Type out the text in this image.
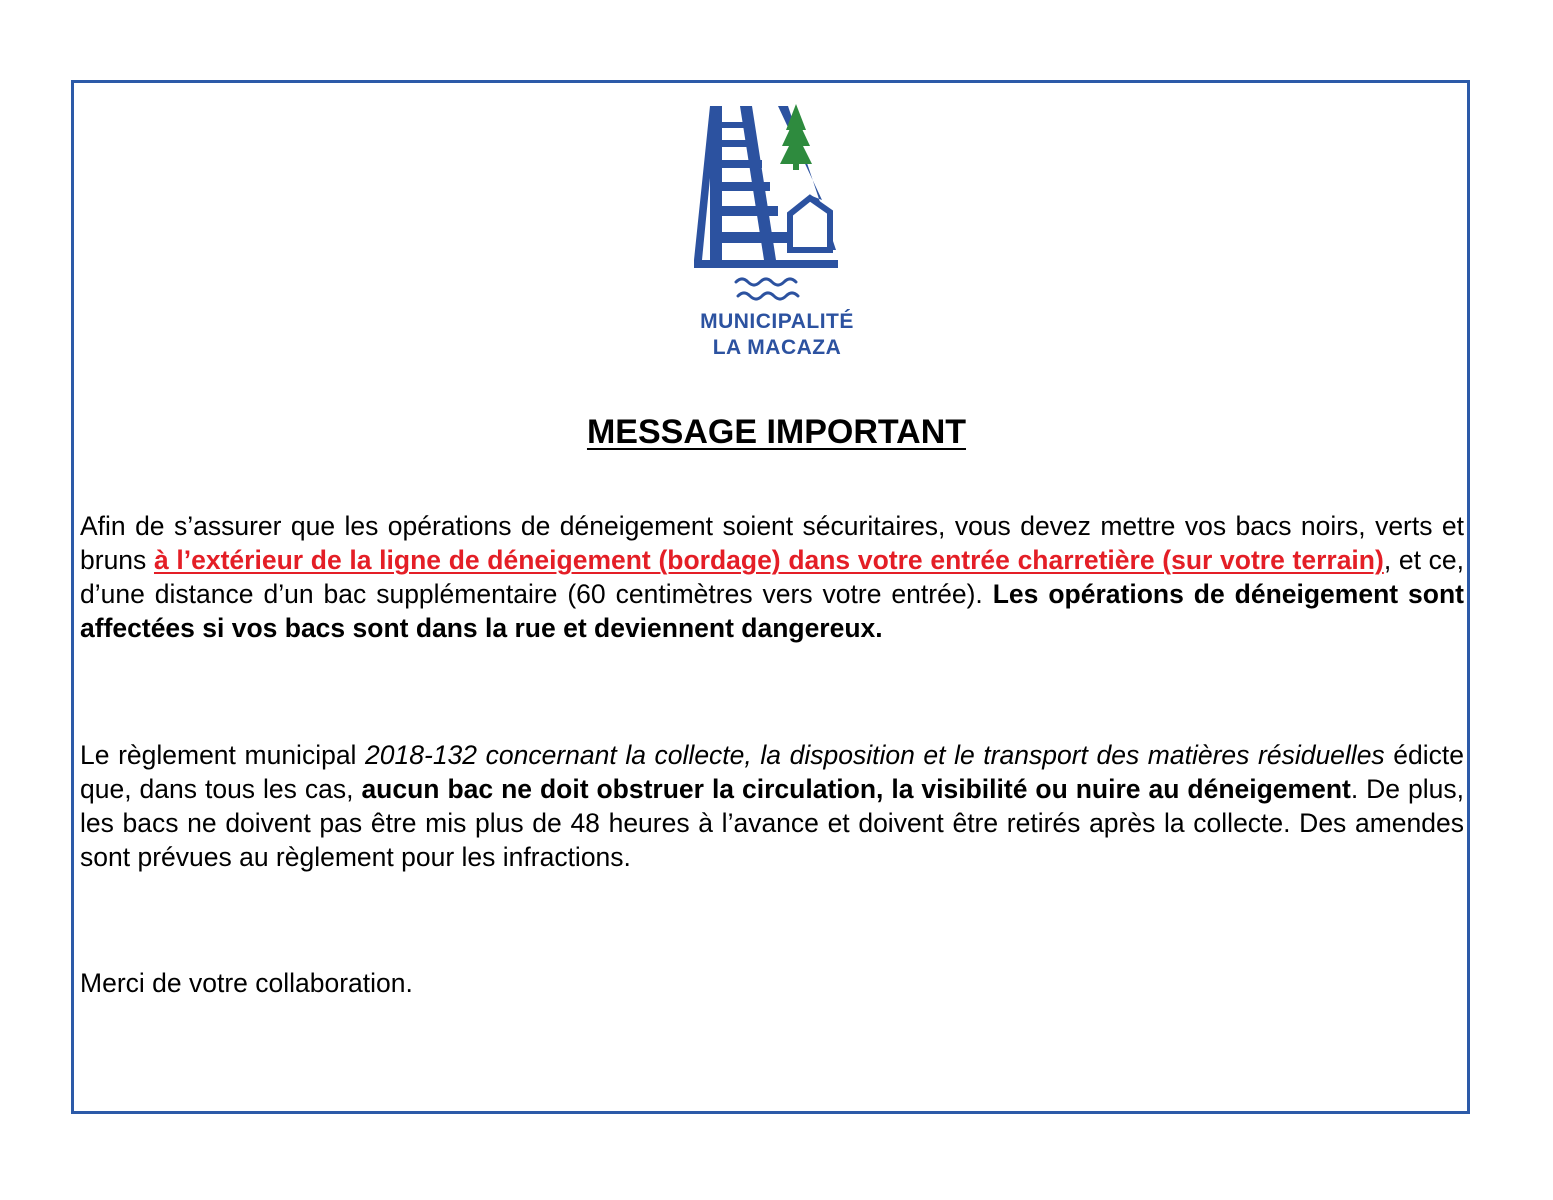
MUNICIPALITÉ
LA MACAZA
MESSAGE IMPORTANT

Afin de s’assurer que les opérations de déneigement soient sécuritaires, vous devez mettre vos bacs noirs, verts et bruns à l’extérieur de la ligne de déneigement (bordage) dans votre entrée charretière (sur votre terrain), et ce, d’une distance d’un bac supplémentaire (60 centimètres vers votre entrée). Les opérations de déneigement sont affectées si vos bacs sont dans la rue et deviennent dangereux.

Le règlement municipal 2018-132 concernant la collecte, la disposition et le transport des matières résiduelles édicte que, dans tous les cas, aucun bac ne doit obstruer la circulation, la visibilité ou nuire au déneigement. De plus, les bacs ne doivent pas être mis plus de 48 heures à l’avance et doivent être retirés après la collecte. Des amendes sont prévues au règlement pour les infractions.

Merci de votre collaboration.
